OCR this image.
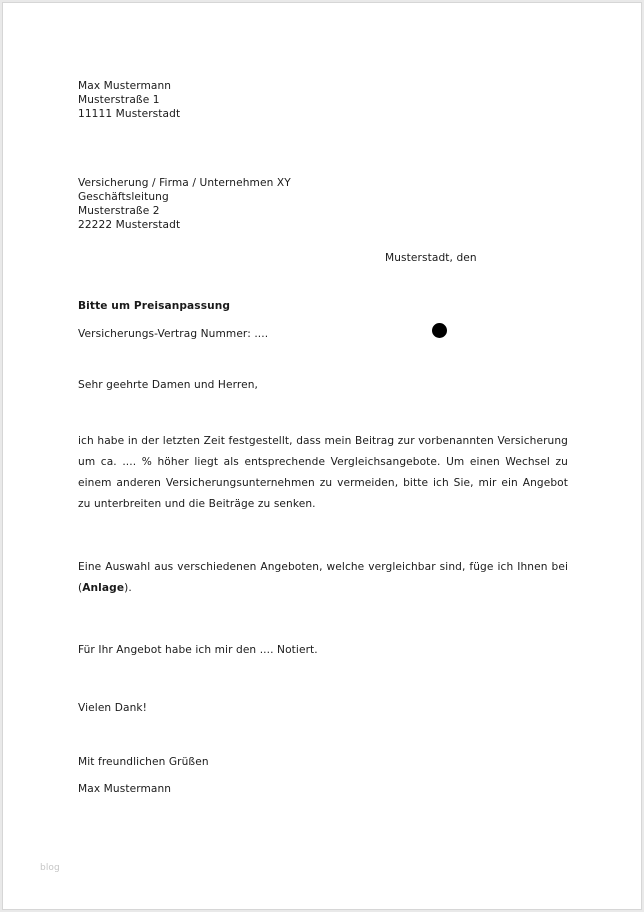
Max Mustermann
Musterstraße 1
11111 Musterstadt
Versicherung / Firma / Unternehmen XY
Geschäftsleitung
Musterstraße 2
22222 Musterstadt
Musterstadt, den
Bitte um Preisanpassung
Versicherungs-Vertrag Nummer: ....
Sehr geehrte Damen und Herren,
ich habe in der letzten Zeit festgestellt, dass mein Beitrag zur vorbenannten Versicherung um ca. .... % höher liegt als entsprechende Vergleichsangebote. Um einen Wechsel zu einem anderen Versicherungsunternehmen zu vermeiden, bitte ich Sie, mir ein Angebot zu unterbreiten und die Beiträge zu senken.
Eine Auswahl aus verschiedenen Angeboten, welche vergleichbar sind, füge ich Ihnen bei (Anlage).
Für Ihr Angebot habe ich mir den .... Notiert.
Vielen Dank!
Mit freundlichen Grüßen
Max Mustermann
blog
